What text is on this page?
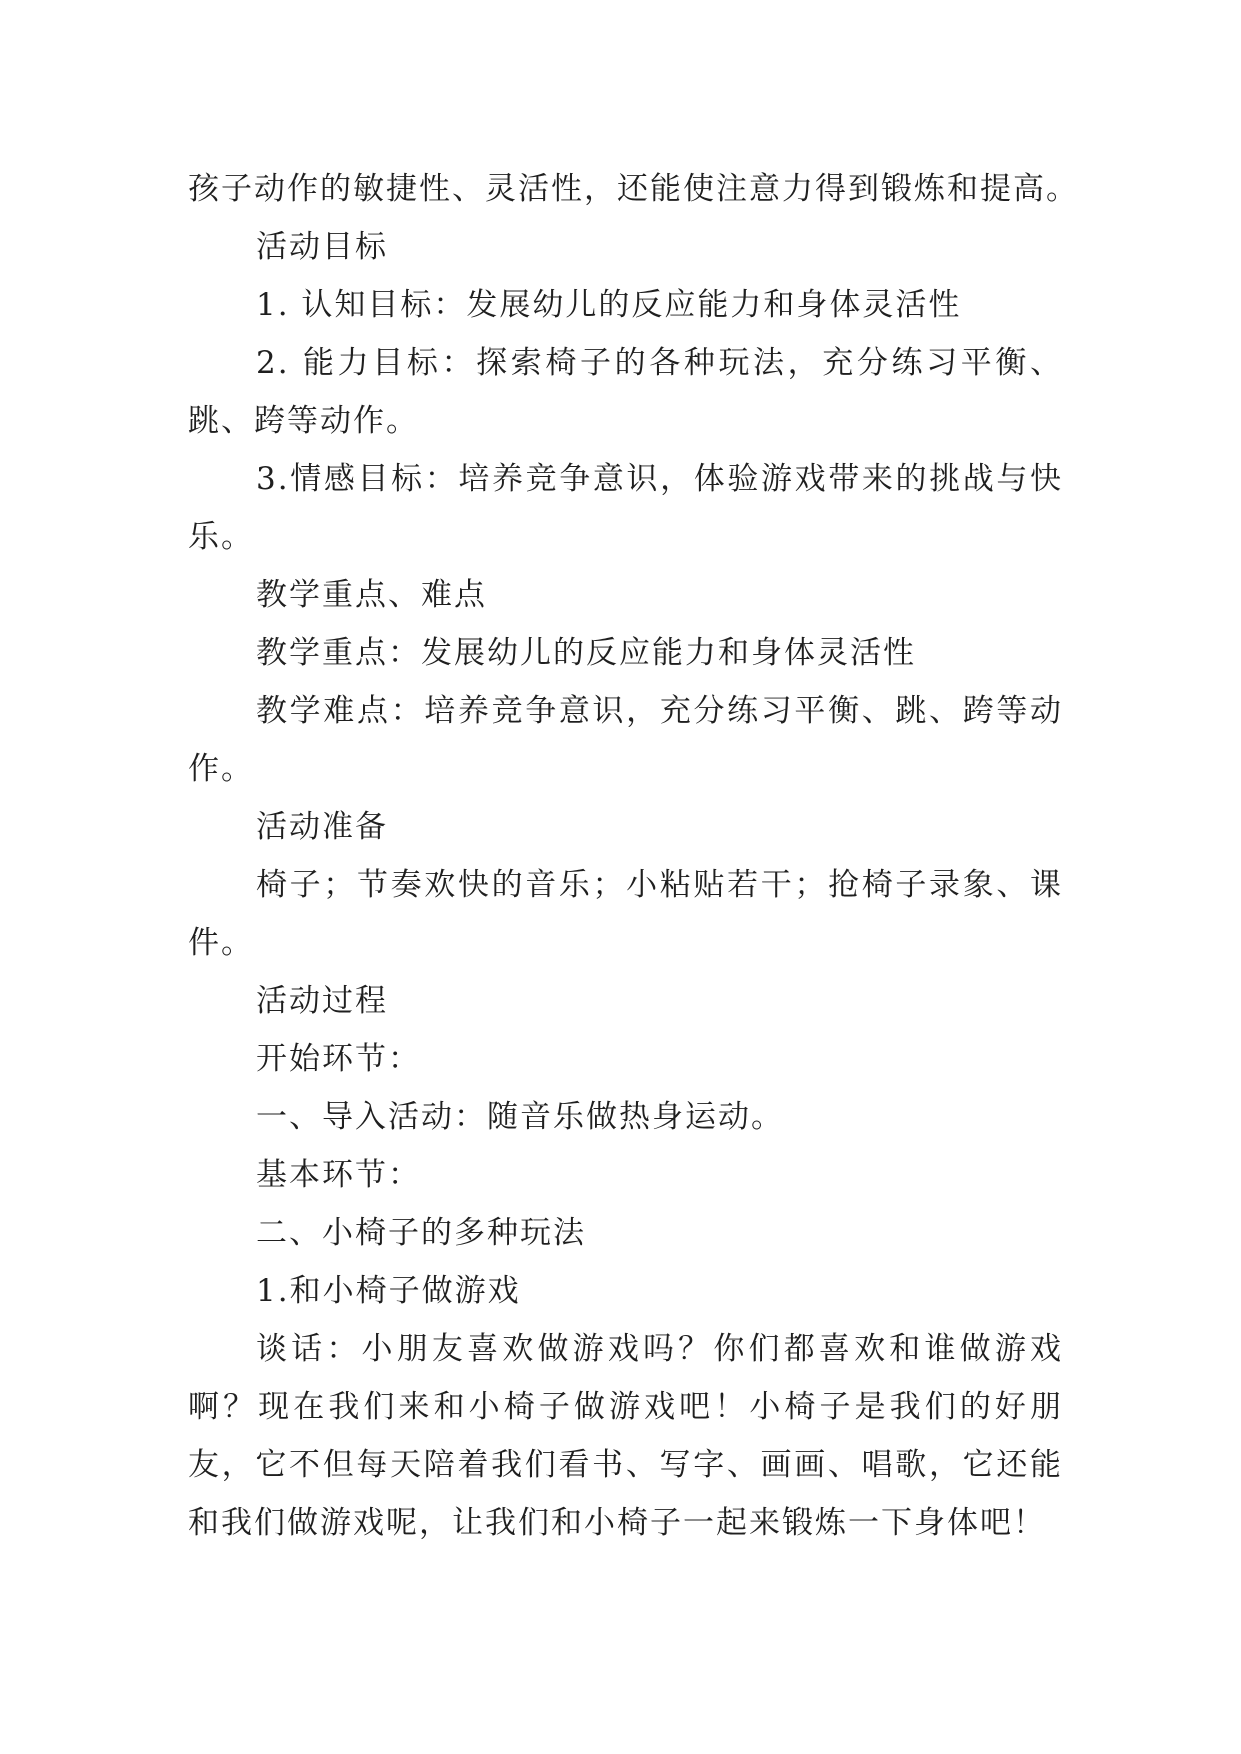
孩子动作的敏捷性、灵活性，还能使注意力得到锻炼和提高。
活动目标
1. 认知目标：发展幼儿的反应能力和身体灵活性
2. 能力目标：探索椅子的各种玩法，充分练习平衡、
跳、跨等动作。
3.情感目标：培养竞争意识，体验游戏带来的挑战与快
乐。
教学重点、难点
教学重点：发展幼儿的反应能力和身体灵活性
教学难点：培养竞争意识，充分练习平衡、跳、跨等动
作。
活动准备
椅子；节奏欢快的音乐；小粘贴若干；抢椅子录象、课
件。
活动过程
开始环节：
一、导入活动：随音乐做热身运动。
基本环节：
二、小椅子的多种玩法
1.和小椅子做游戏
谈话：小朋友喜欢做游戏吗？你们都喜欢和谁做游戏
啊？现在我们来和小椅子做游戏吧！小椅子是我们的好朋
友，它不但每天陪着我们看书、写字、画画、唱歌，它还能
和我们做游戏呢，让我们和小椅子一起来锻炼一下身体吧！
